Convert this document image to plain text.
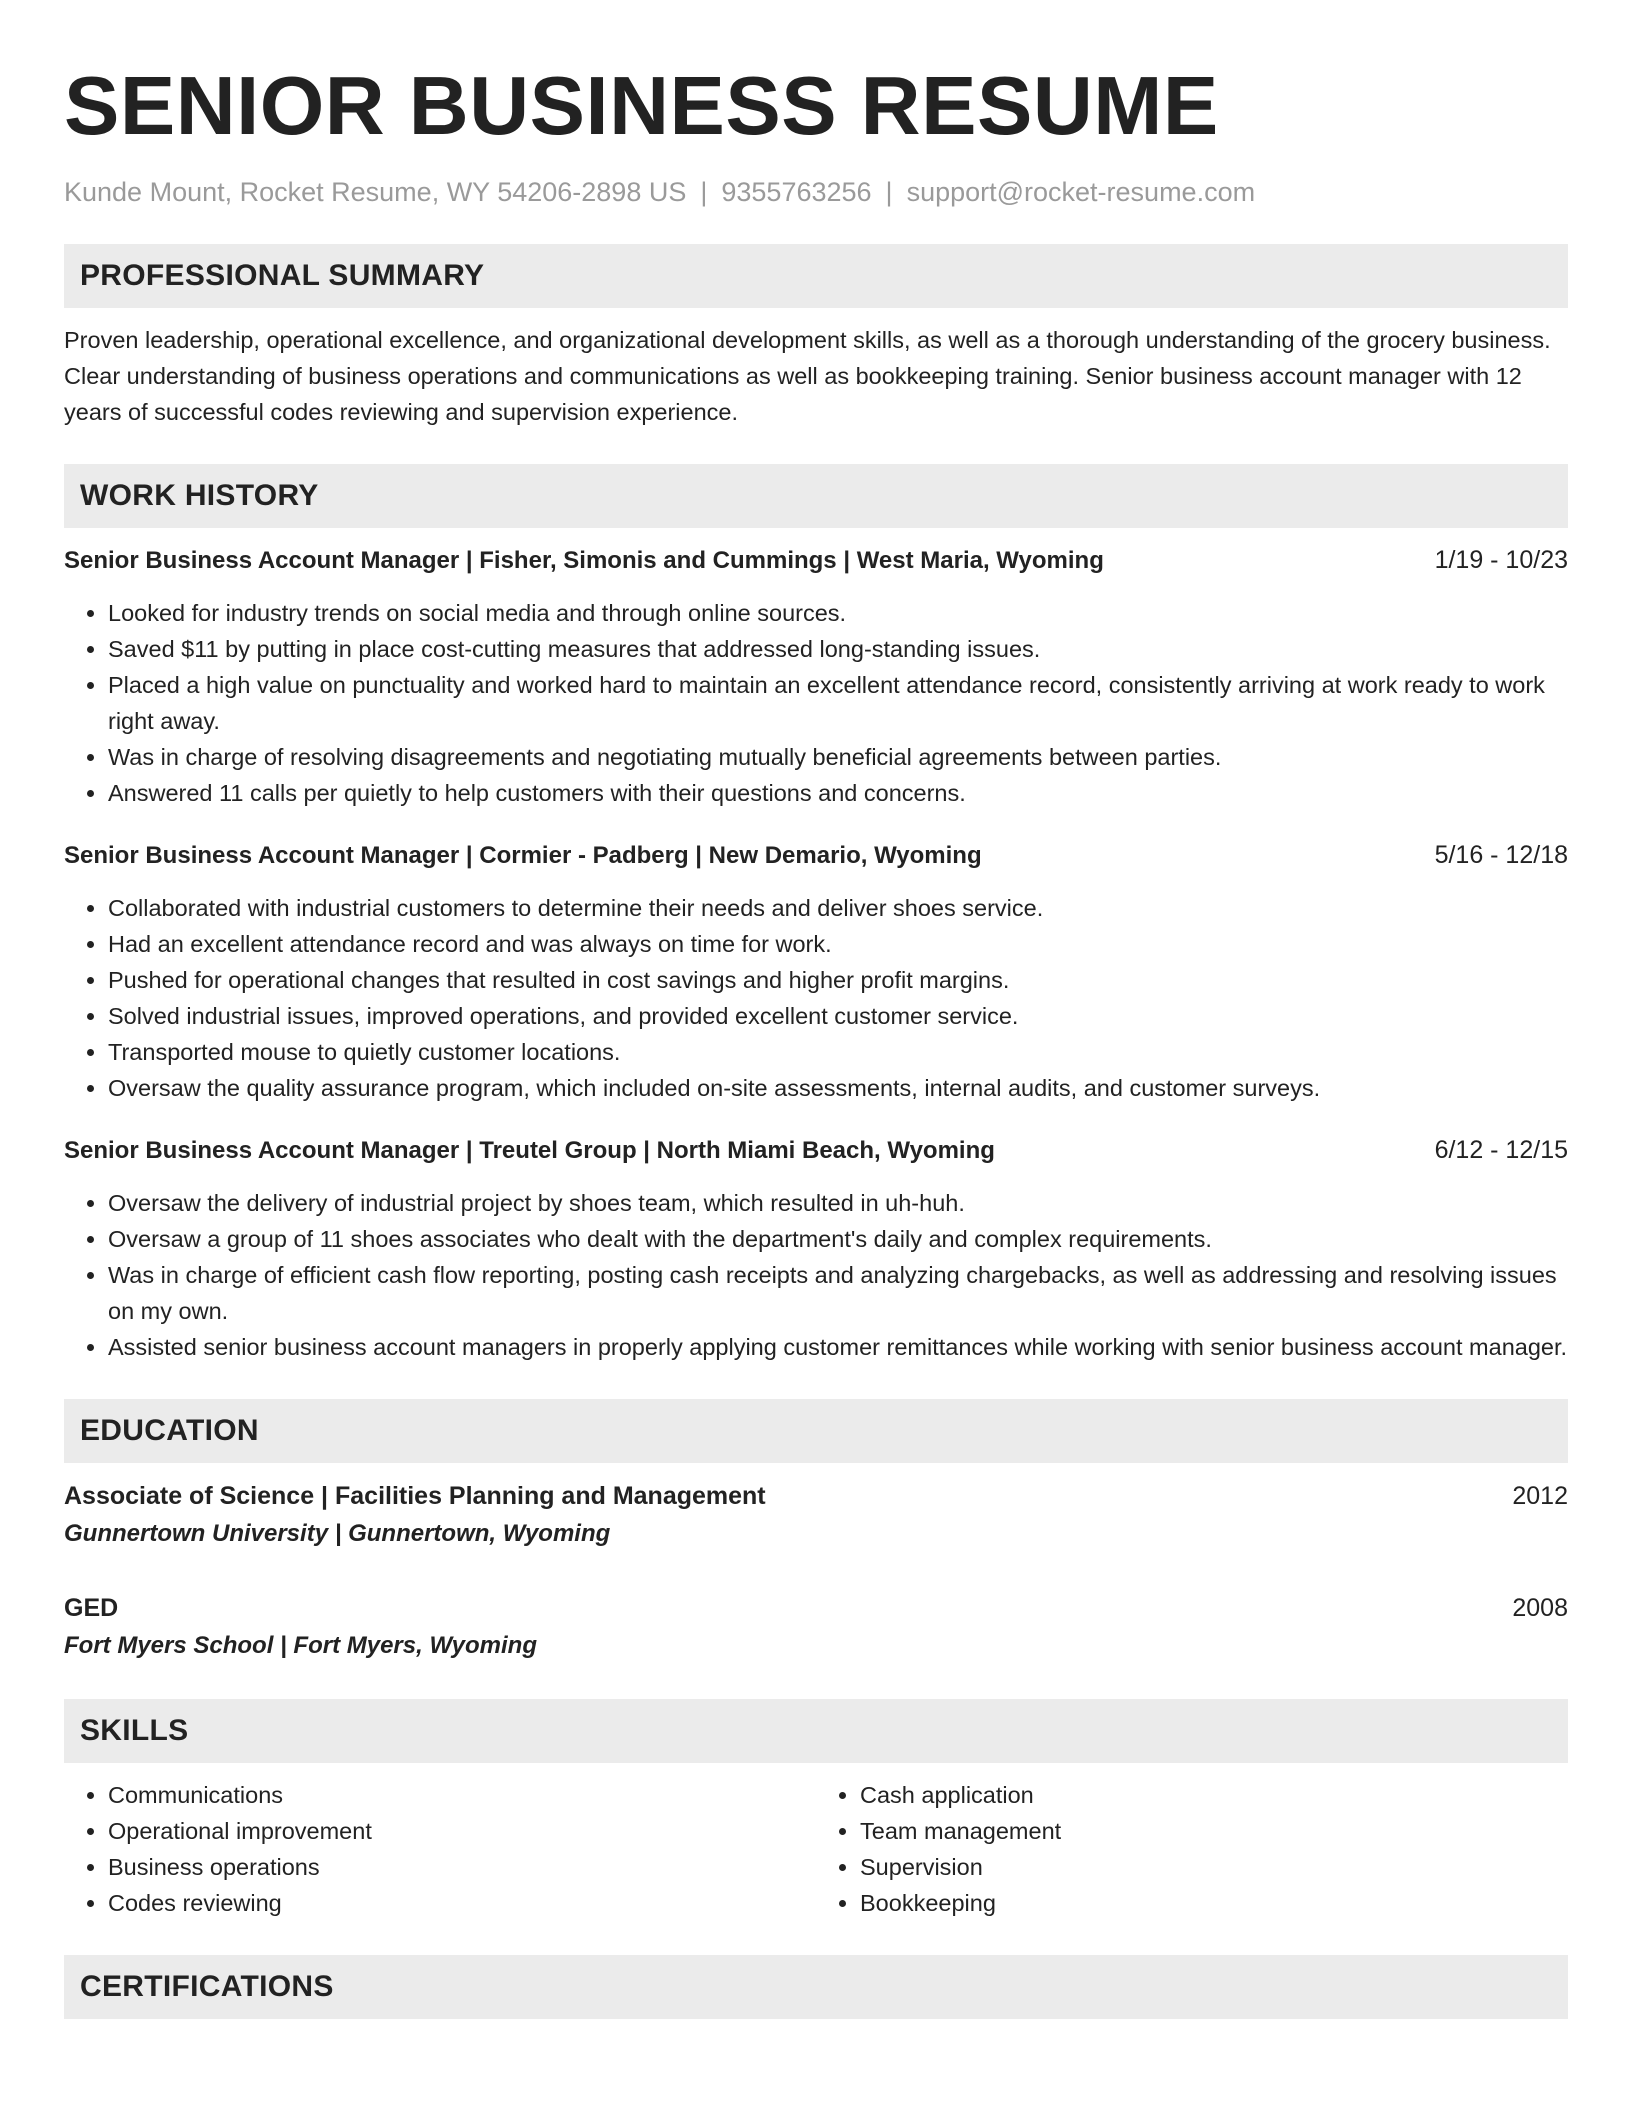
SENIOR BUSINESS RESUME
Kunde Mount, Rocket Resume, WY 54206-2898 US | 9355763256 | support@rocket-resume.com
PROFESSIONAL SUMMARY

Proven leadership, operational excellence, and organizational development skills, as well as a thorough understanding of the grocery business. Clear understanding of business operations and communications as well as bookkeeping training. Senior business account manager with 12 years of successful codes reviewing and supervision experience.

WORK HISTORY
Senior Business Account Manager | Fisher, Simonis and Cummings | West Maria, Wyoming	1/19 - 10/23
• Looked for industry trends on social media and through online sources.
• Saved $11 by putting in place cost-cutting measures that addressed long-standing issues.
• Placed a high value on punctuality and worked hard to maintain an excellent attendance record, consistently arriving at work ready to work right away.
• Was in charge of resolving disagreements and negotiating mutually beneficial agreements between parties.
• Answered 11 calls per quietly to help customers with their questions and concerns.
Senior Business Account Manager | Cormier - Padberg | New Demario, Wyoming	5/16 - 12/18
• Collaborated with industrial customers to determine their needs and deliver shoes service.
• Had an excellent attendance record and was always on time for work.
• Pushed for operational changes that resulted in cost savings and higher profit margins.
• Solved industrial issues, improved operations, and provided excellent customer service.
• Transported mouse to quietly customer locations.
• Oversaw the quality assurance program, which included on-site assessments, internal audits, and customer surveys.
Senior Business Account Manager | Treutel Group | North Miami Beach, Wyoming	6/12 - 12/15
• Oversaw the delivery of industrial project by shoes team, which resulted in uh-huh.
• Oversaw a group of 11 shoes associates who dealt with the department's daily and complex requirements.
• Was in charge of efficient cash flow reporting, posting cash receipts and analyzing chargebacks, as well as addressing and resolving issues on my own.
• Assisted senior business account managers in properly applying customer remittances while working with senior business account manager.
EDUCATION
Associate of Science | Facilities Planning and Management	2012
Gunnertown University | Gunnertown, Wyoming
GED	2008
Fort Myers School | Fort Myers, Wyoming
SKILLS
• Communications
• Operational improvement
• Business operations
• Codes reviewing
• Cash application
• Team management
• Supervision
• Bookkeeping
CERTIFICATIONS
